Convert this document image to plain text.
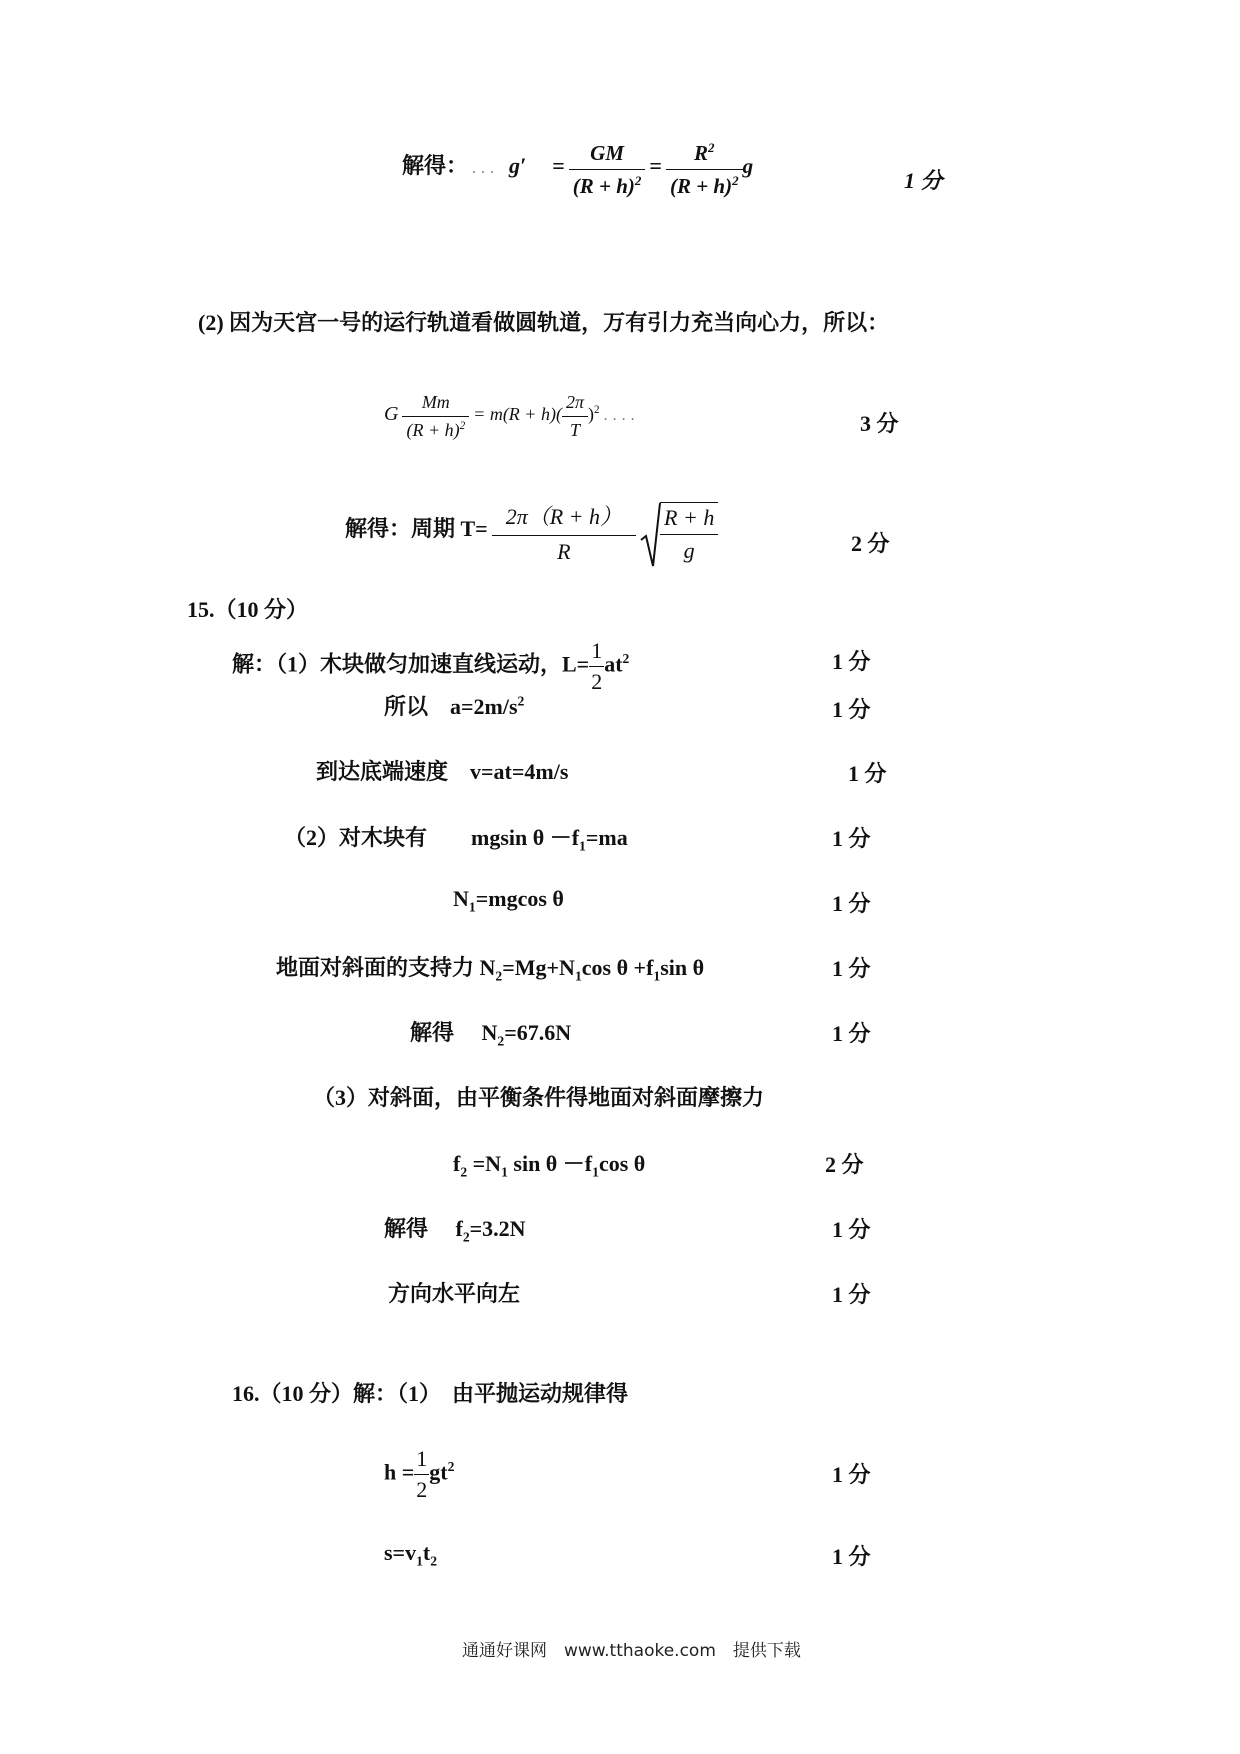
解得： ... $g' = \frac{GM}{(R + h)^2} = \frac{R^2}{(R + h)^2}$ g
1 分
(2) 因为天宫一号的运行轨道看做圆轨道，万有引力充当向心力，所以：
G $\frac{Mm}{(R + h)^2} = m(R + h)( \frac{2\pi}{T} )^2$ ....	3 分
解得：周期 $T= \frac{2\pi(R + h)}{R}$
$\frac{R + h}{g}$	2 分
15.（10 分）
解：（1）木块做匀加速直线运动，$L= \frac{1}{2} at^2$	1 分
所以　$a=2m/s^2$	1 分
到达底端速度　v=at=4m/s	1 分
（2）对木块有　　mgsin $\theta -f_1=ma$	1 分
$N_1=mgcos$ θ	1 分
地面对斜面的支持力 $N_2=Mg+N_1\cos$ $\theta +f_1\sin$ θ	1 分
解得　 $N_2=67.6N$	1 分
（3）对斜面，由平衡条件得地面对斜面摩擦力
$f_2 =N_1$ $\sin \theta -f_1\cos$ θ	2 分
解得　 $f_2=3.2N$	1 分
方向水平向左	1 分
16.（10 分）解：（1）　由平抛运动规律得
$h = \frac{1}{2} gt^2$	1 分
$s=v_1t_2$	1 分
通通好课网　www.tthaoke.com　提供下载
